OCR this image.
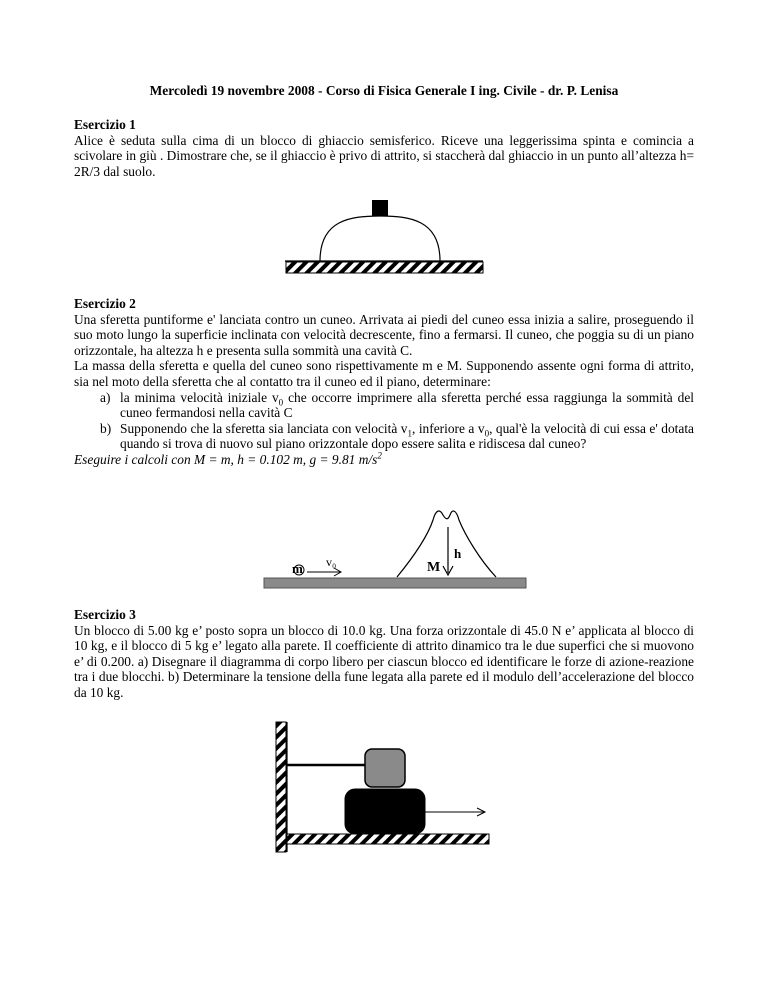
Mercoledì 19 novembre 2008 - Corso di Fisica Generale I ing. Civile - dr. P. Lenisa
Esercizio 1

Alice è seduta sulla cima di un blocco di ghiaccio semisferico. Riceve una leggerissima spinta e comincia a scivolare in giù . Dimostrare che, se il ghiaccio è privo di attrito, si staccherà dal ghiaccio in un punto all’altezza h= 2R/3 dal suolo.

Esercizio 2

Una sferetta puntiforme e' lanciata contro un cuneo. Arrivata ai piedi del cuneo essa inizia a salire, proseguendo il suo moto lungo la superficie inclinata con velocità decrescente, fino a fermarsi. Il cuneo, che poggia su di un piano orizzontale, ha altezza h e presenta sulla sommità una cavità C.

La massa della sferetta e quella del cuneo sono rispettivamente m e M. Supponendo assente ogni forma di attrito, sia nel moto della sferetta che al contatto tra il cuneo ed il piano, determinare:

a) la minima velocità iniziale $v_0$ che occorre imprimere alla sferetta perché essa raggiunga la sommità del cuneo fermandosi nella cavità C
b) Supponendo che la sferetta sia lanciata con velocità $v_1$, inferiore a $v_0$, qual'è la velocità di cui essa e' dotata quando si trova di nuovo sul piano orizzontale dopo essere salita e ridiscesa dal cuneo?
Eseguire i calcoli con M = m, h = 0.102 m, g = 9.81 $m/s^2$
h
M
m v₀
Esercizio 3

Un blocco di 5.00 kg e’ posto sopra un blocco di 10.0 kg. Una forza orizzontale di 45.0 N e’ applicata al blocco di 10 kg, e il blocco di 5 kg e’ legato alla parete. Il coefficiente di attrito dinamico tra le due superfici che si muovono e’ di 0.200. a) Disegnare il diagramma di corpo libero per ciascun blocco ed identificare le forze di azione-reazione tra i due blocchi. b) Determinare la tensione della fune legata alla parete ed il modulo dell’accelerazione del blocco da 10 kg.
